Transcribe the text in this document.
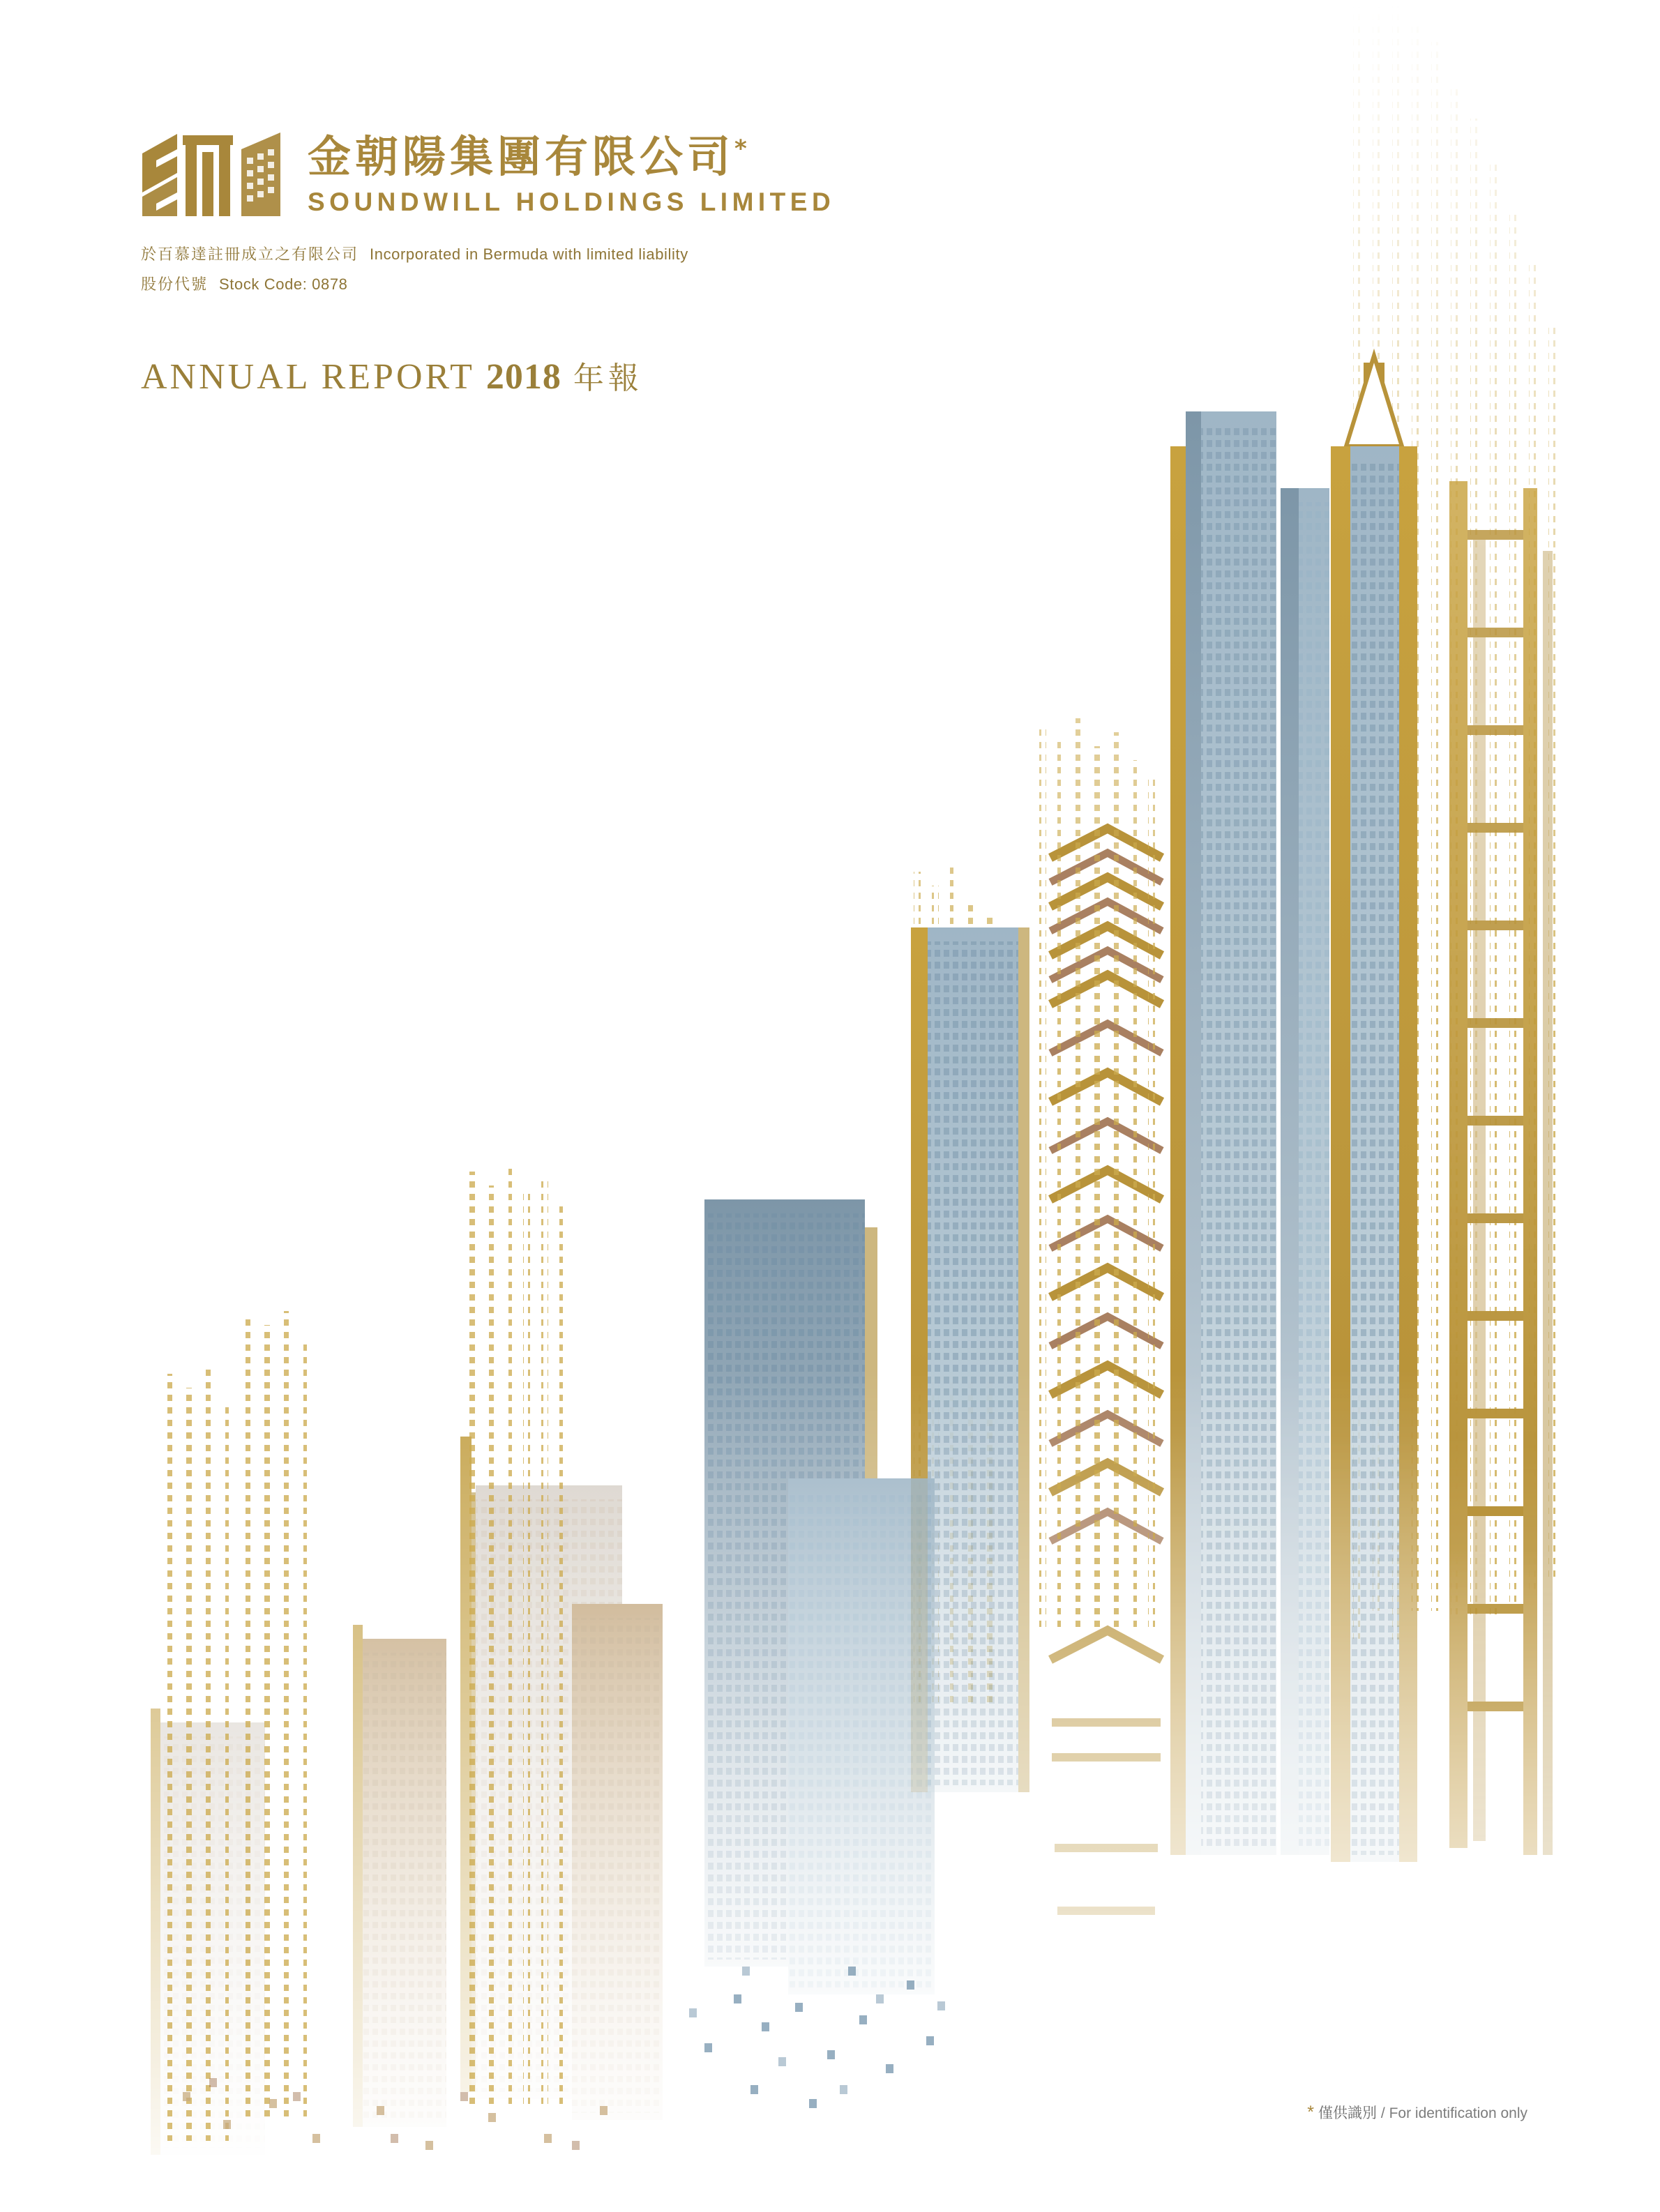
金朝陽集團有限公司*
SOUNDWILL HOLDINGS LIMITED
於百慕達註冊成立之有限公司 Incorporated in Bermuda with limited liability
股份代號 Stock Code: 0878
ANNUAL REPORT 2018 年報
* 僅供識別 / For identification only
